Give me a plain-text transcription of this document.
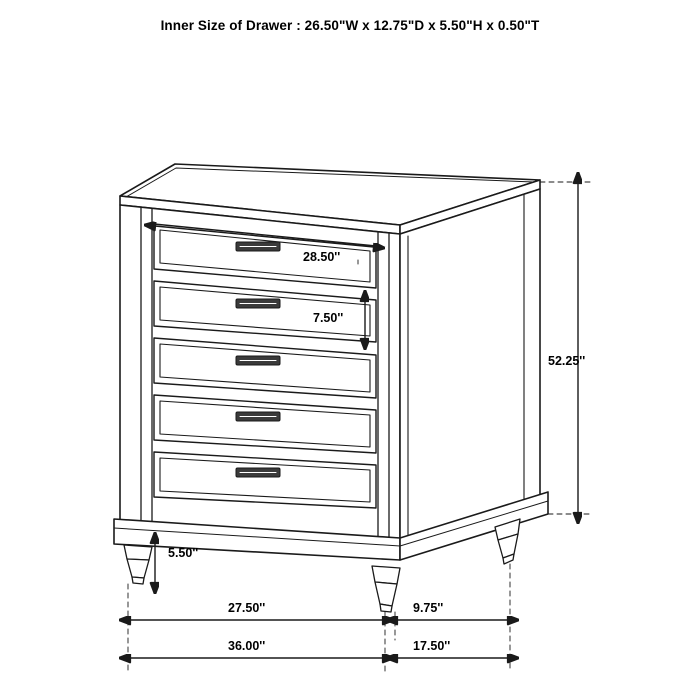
Inner Size of Drawer : 26.50"W x 12.75"D x 5.50"H x 0.50"T
28.50''
7.50''
52.25''
5.50''
27.50''	9.75''
36.00''	17.50''
